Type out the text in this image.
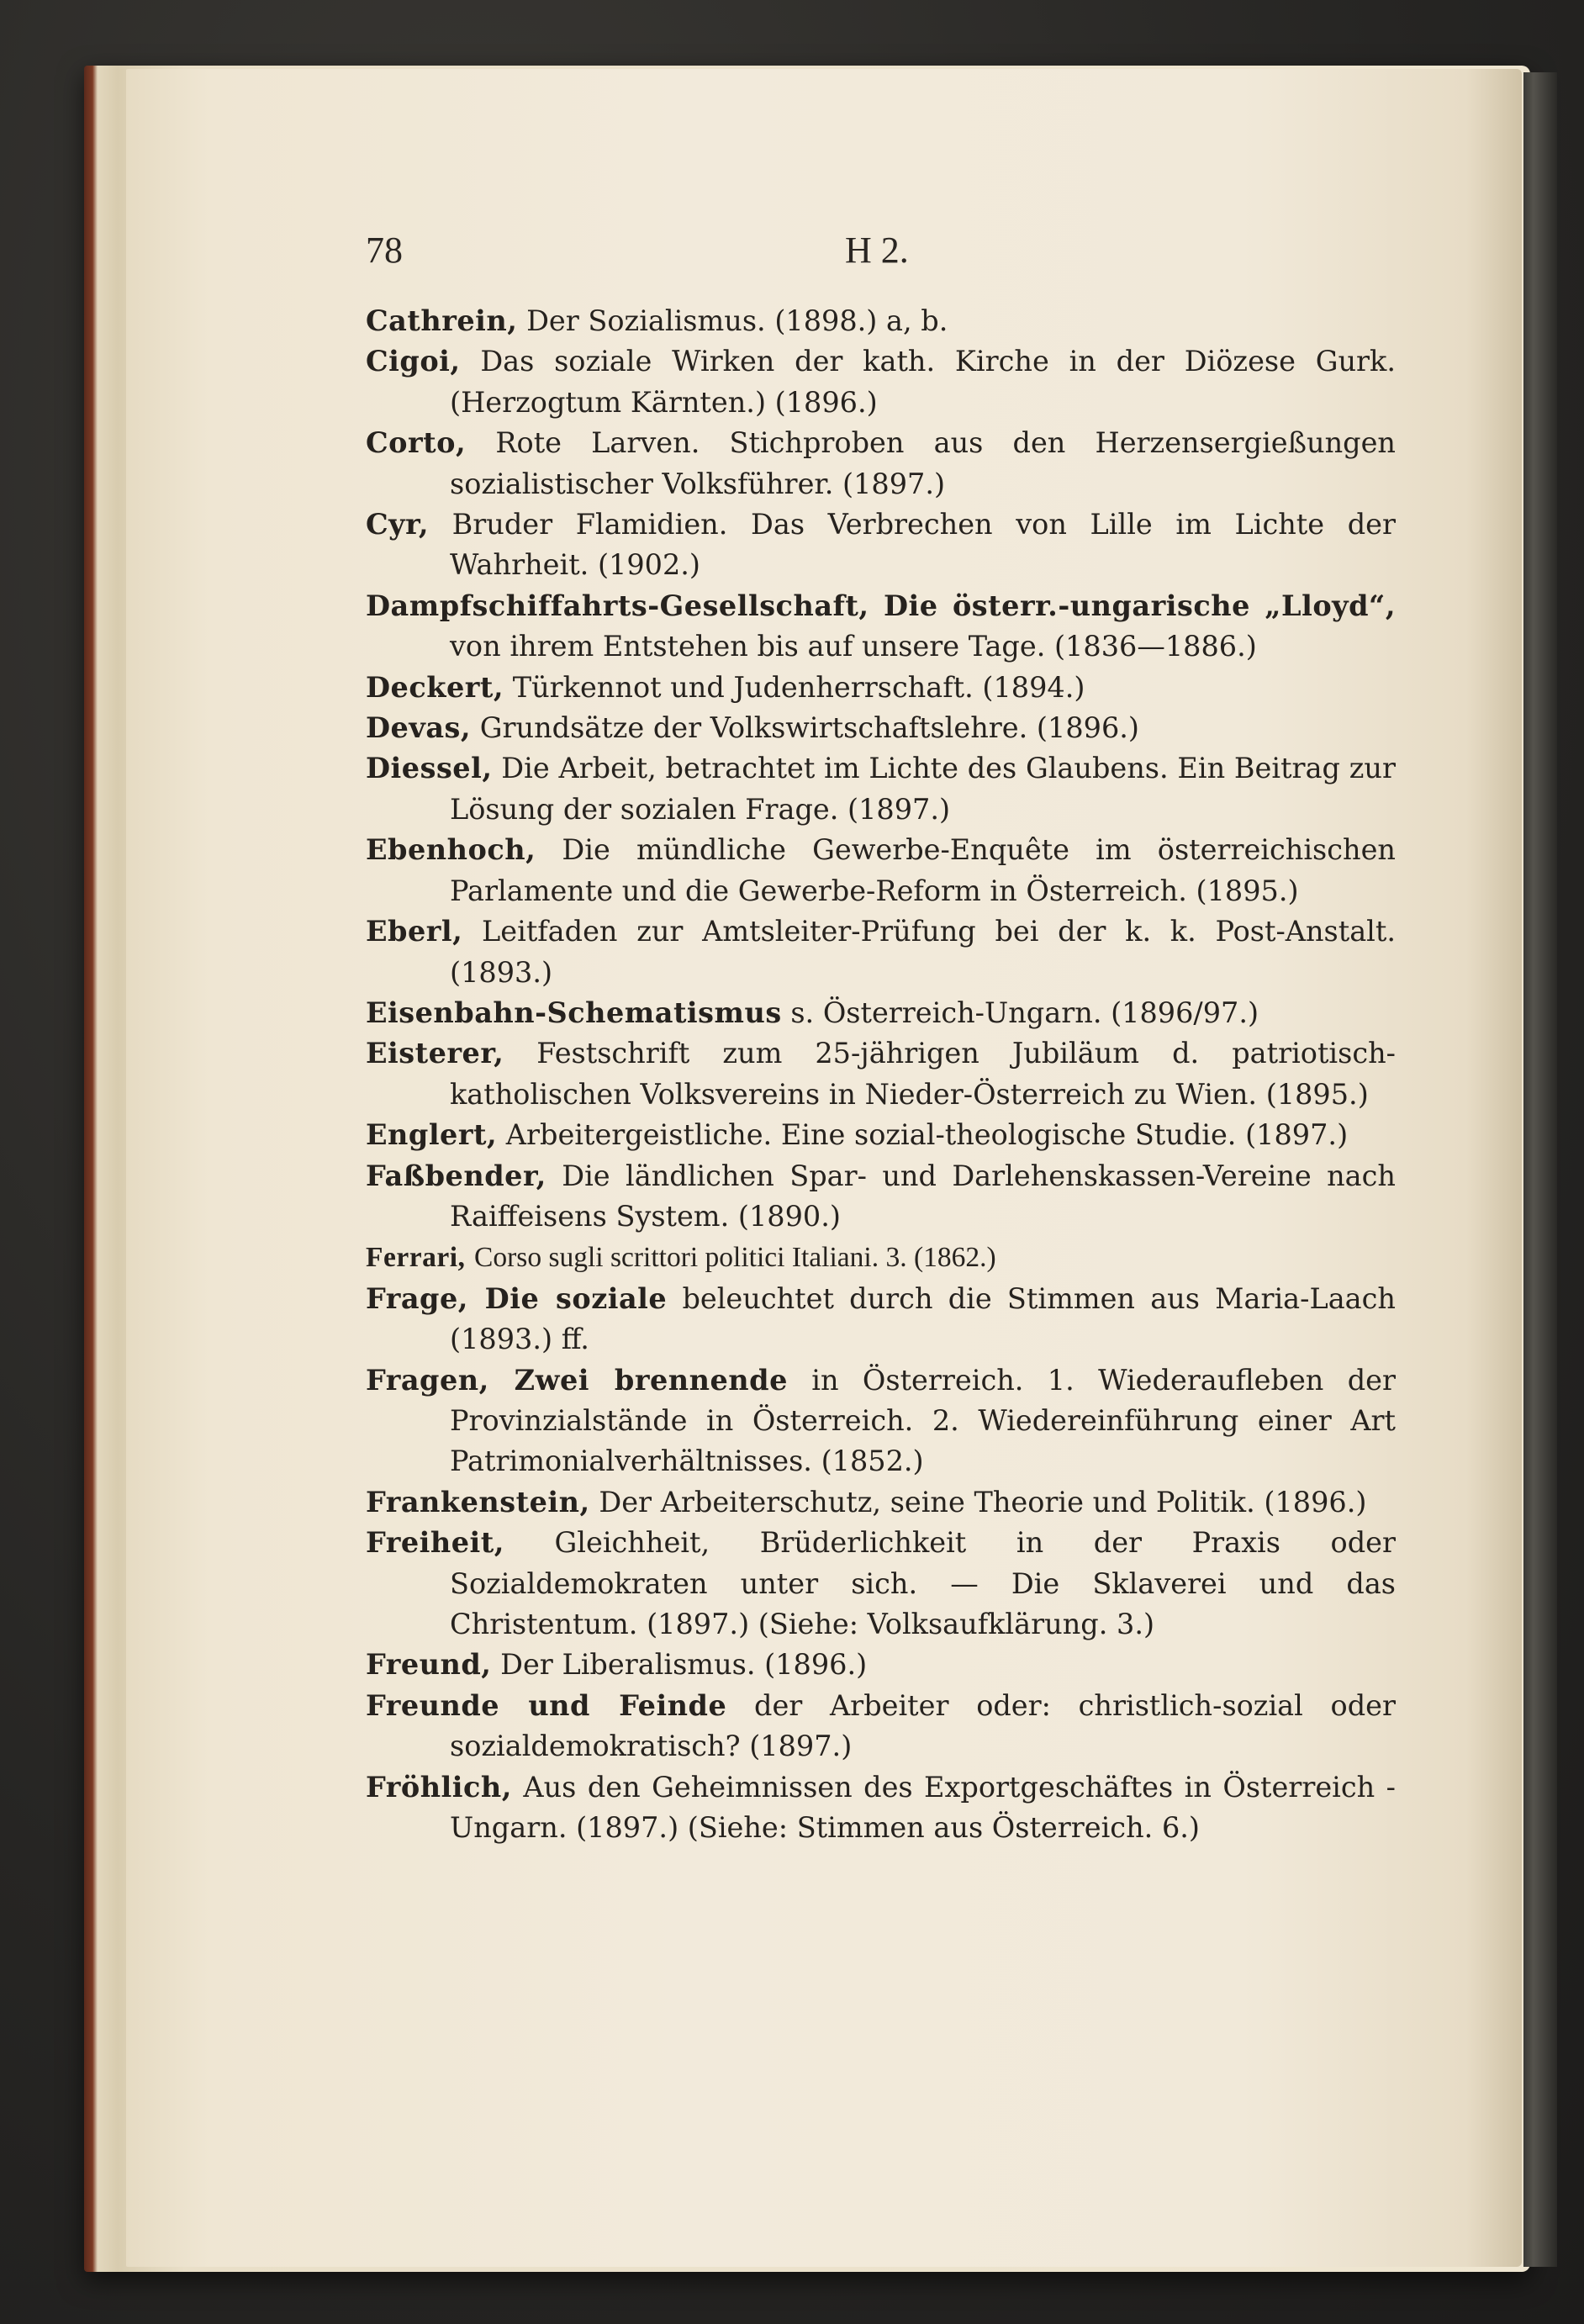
78	H 2.

Cathrein, Der Sozialismus. (1898.) a, b.

Cigoi, Das soziale Wirken der kath. Kirche in der Diözese Gurk. (Herzogtum Kärnten.) (1896.)

Corto, Rote Larven. Stichproben aus den Herzensergießungen sozialistischer Volksführer. (1897.)

Cyr, Bruder Flamidien. Das Verbrechen von Lille im Lichte der Wahrheit. (1902.)

Dampfschiffahrts-Gesellschaft, Die österr.-ungarische „Lloyd“, von ihrem Entstehen bis auf unsere Tage. (1836—1886.)

Deckert, Türkennot und Judenherrschaft. (1894.)

Devas, Grundsätze der Volkswirtschaftslehre. (1896.)

Diessel, Die Arbeit, betrachtet im Lichte des Glaubens. Ein Beitrag zur Lösung der sozialen Frage. (1897.)

Ebenhoch, Die mündliche Gewerbe-Enquête im österreichischen Parlamente und die Gewerbe-Reform in Österreich. (1895.)

Eberl, Leitfaden zur Amtsleiter-Prüfung bei der k. k. Post-Anstalt. (1893.)

Eisenbahn-Schematismus s. Österreich-Ungarn. (1896/97.)

Eisterer, Festschrift zum 25-jährigen Jubiläum d. patriotisch-katholischen Volksvereins in Nieder-Österreich zu Wien. (1895.)

Englert, Arbeitergeistliche. Eine sozial-theologische Studie. (1897.)

Faßbender, Die ländlichen Spar- und Darlehenskassen-Vereine nach Raiffeisens System. (1890.)

Ferrari, Corso sugli scrittori politici Italiani. 3. (1862.)

Frage, Die soziale beleuchtet durch die Stimmen aus Maria-Laach (1893.) ff.

Fragen, Zwei brennende in Österreich. 1. Wiederaufleben der Provinzialstände in Österreich. 2. Wiedereinführung einer Art Patrimonialverhältnisses. (1852.)

Frankenstein, Der Arbeiterschutz, seine Theorie und Politik. (1896.)

Freiheit, Gleichheit, Brüderlichkeit in der Praxis oder Sozialdemokraten unter sich. — Die Sklaverei und das Christentum. (1897.) (Siehe: Volksaufklärung. 3.)

Freund, Der Liberalismus. (1896.)

Freunde und Feinde der Arbeiter oder: christlich-sozial oder sozialdemokratisch? (1897.)

Fröhlich, Aus den Geheimnissen des Exportgeschäftes in Österreich - Ungarn. (1897.) (Siehe: Stimmen aus Österreich. 6.)
